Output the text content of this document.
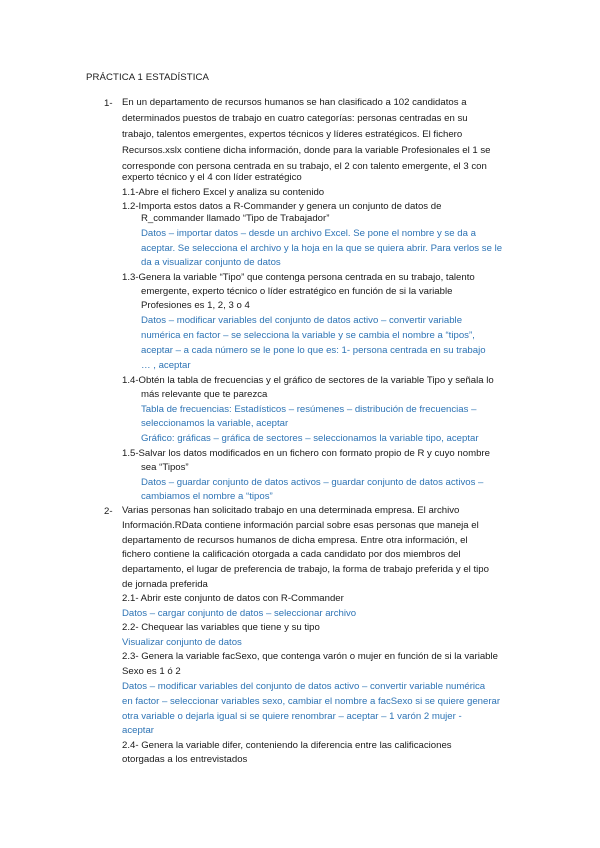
PRÁCTICA 1 ESTADÍSTICA
1- En un departamento de recursos humanos se han clasificado a 102 candidatos a
determinados puestos de trabajo en cuatro categorías: personas centradas en su
trabajo, talentos emergentes, expertos técnicos y líderes estratégicos. El fichero
Recursos.xslx contiene dicha información, donde para la variable Profesionales el 1 se
corresponde con persona centrada en su trabajo, el 2 con talento emergente, el 3 con
experto técnico y el 4 con líder estratégico
1.1-Abre el fichero Excel y analiza su contenido
1.2-Importa estos datos a R-Commander y genera un conjunto de datos de
R_commander llamado “Tipo de Trabajador”
Datos – importar datos – desde un archivo Excel. Se pone el nombre y se da a
aceptar. Se selecciona el archivo y la hoja en la que se quiera abrir. Para verlos se le
da a visualizar conjunto de datos
1.3-Genera la variable “Tipo” que contenga persona centrada en su trabajo, talento
emergente, experto técnico o líder estratégico en función de si la variable
Profesiones es 1, 2, 3 o 4
Datos – modificar variables del conjunto de datos activo – convertir variable
numérica en factor – se selecciona la variable y se cambia el nombre a “tipos”,
aceptar – a cada número se le pone lo que es: 1- persona centrada en su trabajo
… , aceptar
1.4-Obtén la tabla de frecuencias y el gráfico de sectores de la variable Tipo y señala lo
más relevante que te parezca
Tabla de frecuencias: Estadísticos – resúmenes – distribución de frecuencias –
seleccionamos la variable, aceptar
Gráfico: gráficas – gráfica de sectores – seleccionamos la variable tipo, aceptar
1.5-Salvar los datos modificados en un fichero con formato propio de R y cuyo nombre
sea “Tipos”
Datos – guardar conjunto de datos activos – guardar conjunto de datos activos –
cambiamos el nombre a “tipos”
2- Varias personas han solicitado trabajo en una determinada empresa. El archivo
Información.RData contiene información parcial sobre esas personas que maneja el
departamento de recursos humanos de dicha empresa. Entre otra información, el
fichero contiene la calificación otorgada a cada candidato por dos miembros del
departamento, el lugar de preferencia de trabajo, la forma de trabajo preferida y el tipo
de jornada preferida
2.1- Abrir este conjunto de datos con R-Commander
Datos – cargar conjunto de datos – seleccionar archivo
2.2- Chequear las variables que tiene y su tipo
Visualizar conjunto de datos
2.3- Genera la variable facSexo, que contenga varón o mujer en función de si la variable
Sexo es 1 ó 2
Datos – modificar variables del conjunto de datos activo – convertir variable numérica
en factor – seleccionar variables sexo, cambiar el nombre a facSexo si se quiere generar
otra variable o dejarla igual si se quiere renombrar – aceptar – 1 varón 2 mujer -
aceptar
2.4- Genera la variable difer, conteniendo la diferencia entre las calificaciones
otorgadas a los entrevistados
